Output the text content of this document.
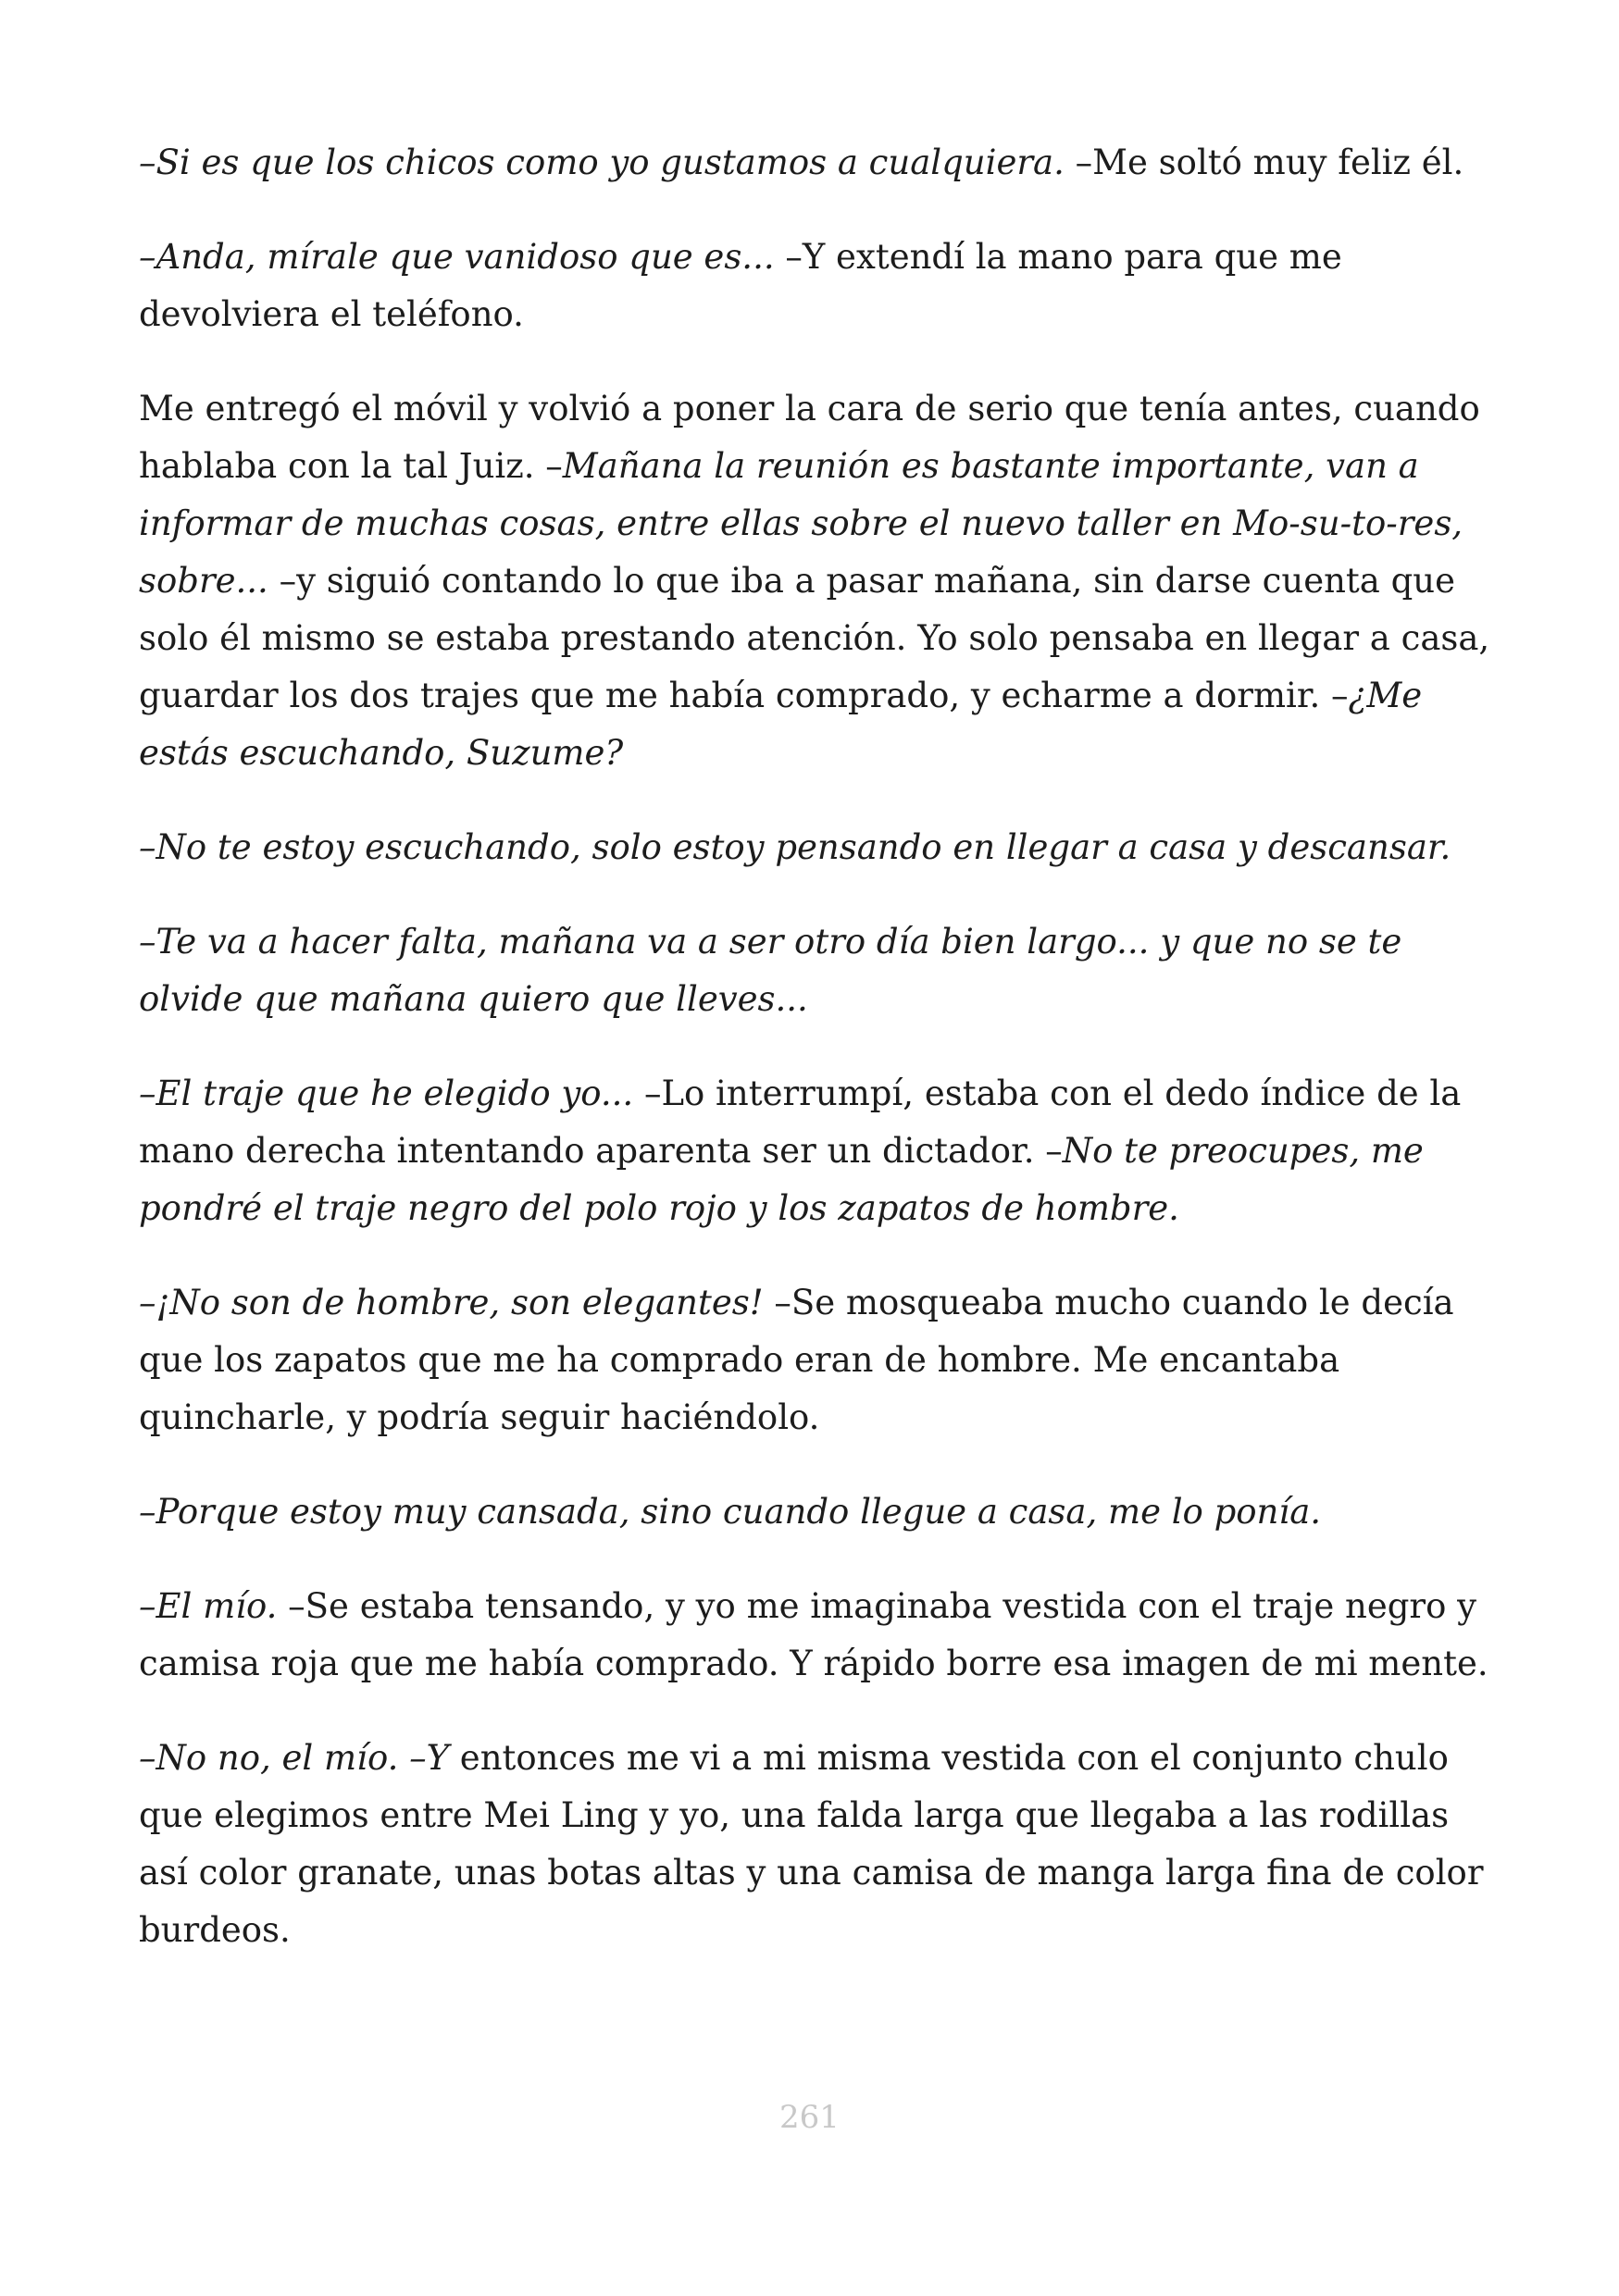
–Si es que los chicos como yo gustamos a cualquiera. –Me soltó muy feliz él.

–Anda, mírale que vanidoso que es... –Y extendí la mano para que me devolviera el teléfono.

Me entregó el móvil y volvió a poner la cara de serio que tenía antes, cuando hablaba con la tal Juiz. –Mañana la reunión es bastante importante, van a informar de muchas cosas, entre ellas sobre el nuevo taller en Mo-su-to-res, sobre... –y siguió contando lo que iba a pasar mañana, sin darse cuenta que solo él mismo se estaba prestando atención. Yo solo pensaba en llegar a casa, guardar los dos trajes que me había comprado, y echarme a dormir. –¿Me estás escuchando, Suzume?

–No te estoy escuchando, solo estoy pensando en llegar a casa y descansar.

–Te va a hacer falta, mañana va a ser otro día bien largo... y que no se te olvide que mañana quiero que lleves...

–El traje que he elegido yo... –Lo interrumpí, estaba con el dedo índice de la mano derecha intentando aparenta ser un dictador. –No te preocupes, me pondré el traje negro del polo rojo y los zapatos de hombre.

–¡No son de hombre, son elegantes! –Se mosqueaba mucho cuando le decía que los zapatos que me ha comprado eran de hombre. Me encantaba quincharle, y podría seguir haciéndolo.

–Porque estoy muy cansada, sino cuando llegue a casa, me lo ponía.

–El mío. –Se estaba tensando, y yo me imaginaba vestida con el traje negro y camisa roja que me había comprado. Y rápido borre esa imagen de mi mente.

–No no, el mío. –Y entonces me vi a mi misma vestida con el conjunto chulo que elegimos entre Mei Ling y yo, una falda larga que llegaba a las rodillas así color granate, unas botas altas y una camisa de manga larga fina de color burdeos.

261
